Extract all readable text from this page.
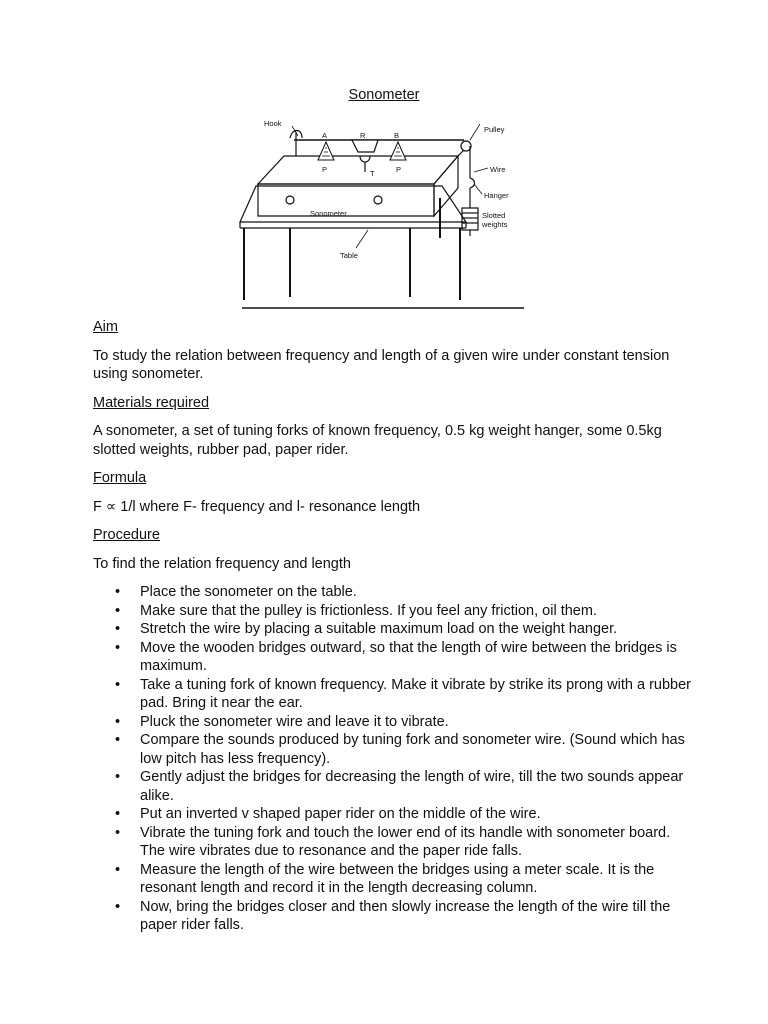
Sonometer
Hook
A	R	B
P	T	P
Pulley
Wire
Hanger
Slotted
weights
Sonometer
Table
Aim
To study the relation between frequency and length of a given wire under constant tension using sonometer.
Materials required
A sonometer, a set of tuning forks of known frequency, 0.5 kg weight hanger, some 0.5kg slotted weights, rubber pad, paper rider.
Formula
F ∝ 1/l where F- frequency and l- resonance length
Procedure
To find the relation frequency and length
• Place the sonometer on the table.
• Make sure that the pulley is frictionless. If you feel any friction, oil them.
• Stretch the wire by placing a suitable maximum load on the weight hanger.
• Move the wooden bridges outward, so that the length of wire between the bridges is maximum.
• Take a tuning fork of known frequency. Make it vibrate by strike its prong with a rubber pad. Bring it near the ear.
• Pluck the sonometer wire and leave it to vibrate.
• Compare the sounds produced by tuning fork and sonometer wire. (Sound which has low pitch has less frequency).
• Gently adjust the bridges for decreasing the length of wire, till the two sounds appear alike.
• Put an inverted v shaped paper rider on the middle of the wire.
• Vibrate the tuning fork and touch the lower end of its handle with sonometer board. The wire vibrates due to resonance and the paper ride falls.
• Measure the length of the wire between the bridges using a meter scale. It is the resonant length and record it in the length decreasing column.
• Now, bring the bridges closer and then slowly increase the length of the wire till the paper rider falls.
